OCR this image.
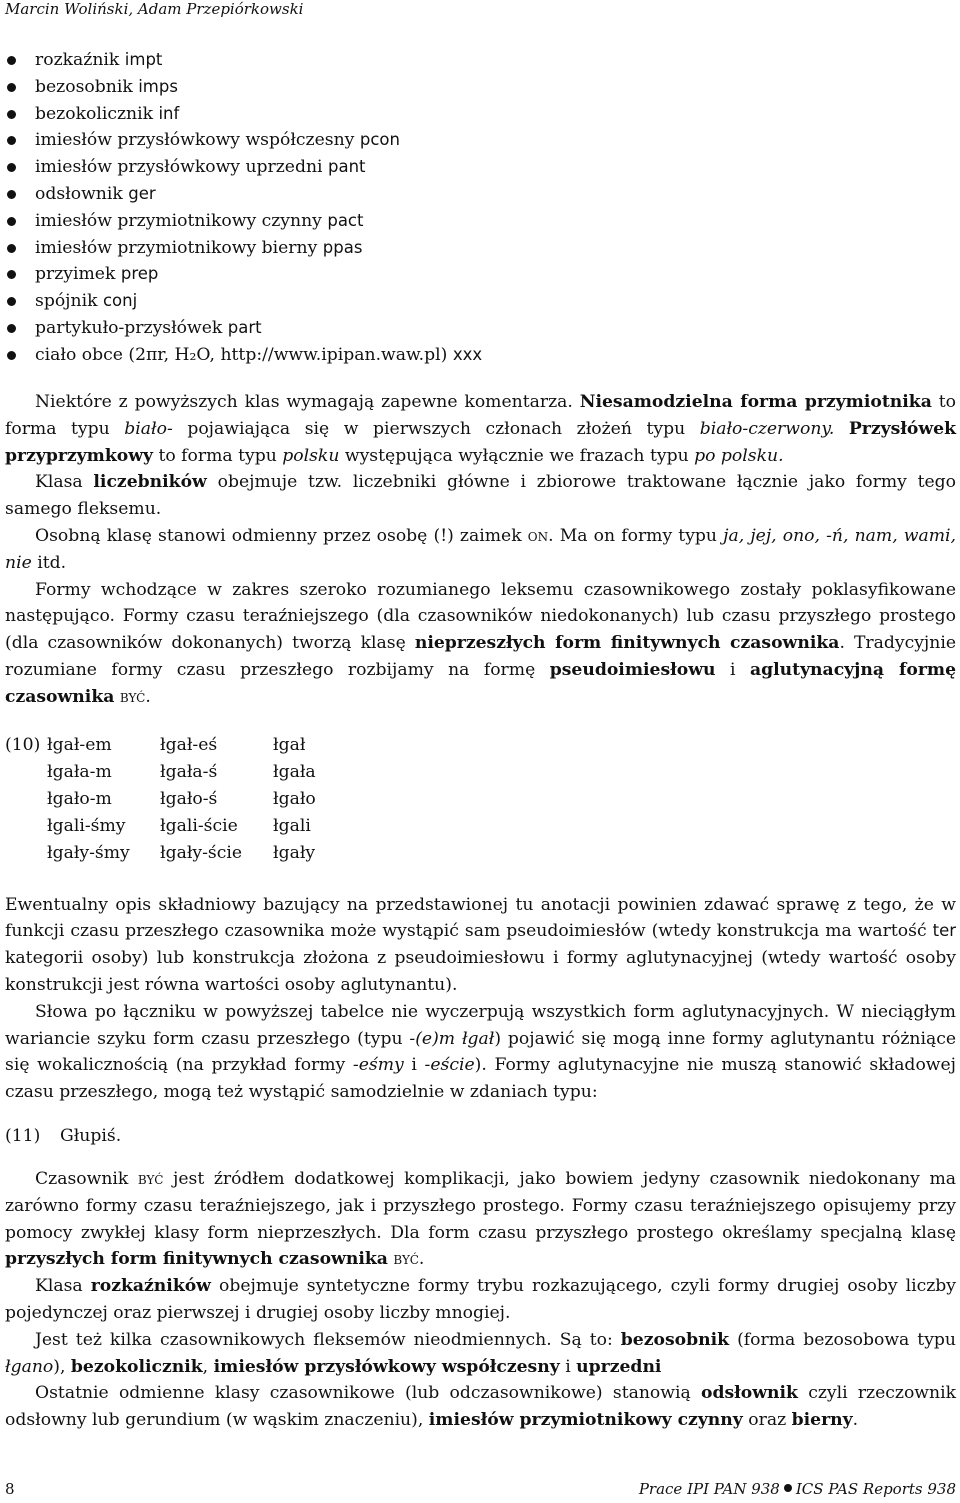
Marcin Woliński, Adam Przepiórkowski
rozkaźnik impt
bezosobnik imps
bezokolicznik inf
imiesłów przysłówkowy współczesny pcon
imiesłów przysłówkowy uprzedni pant
odsłownik ger
imiesłów przymiotnikowy czynny pact
imiesłów przymiotnikowy bierny ppas
przyimek prep
spójnik conj
partykuło-przysłówek part
ciało obce (2πr, H₂O, http://www.ipipan.waw.pl) xxx

Niektóre z powyższych klas wymagają zapewne komentarza. Niesamodzielna forma przymiotnika to forma typu biało- pojawiająca się w pierwszych członach złożeń typu biało-czerwony. Przysłówek przyprzymkowy to forma typu polsku występująca wyłącznie we frazach typu po polsku.

Klasa liczebników obejmuje tzw. liczebniki główne i zbiorowe traktowane łącznie jako formy tego samego fleksemu.

Osobną klasę stanowi odmienny przez osobę (!) zaimek on. Ma on formy typu ja, jej, ono, -ń, nam, wami, nie itd.

Formy wchodzące w zakres szeroko rozumianego leksemu czasownikowego zostały poklasyfikowane następująco. Formy czasu teraźniejszego (dla czasowników niedokonanych) lub czasu przyszłego prostego (dla czasowników dokonanych) tworzą klasę nieprzeszłych form finitywnych czasownika. Tradycyjnie rozumiane formy czasu przeszłego rozbijamy na formę pseudoimiesłowu i aglutynacyjną formę czasownika być.

(10)	łgał-em	łgał-eś	łgał
	łgała-m	łgała-ś	łgała
	łgało-m	łgało-ś	łgało
	łgali-śmy	łgali-ście	łgali
	łgały-śmy	łgały-ście	łgały

Ewentualny opis składniowy bazujący na przedstawionej tu anotacji powinien zdawać sprawę z tego, że w funkcji czasu przeszłego czasownika może wystąpić sam pseudoimiesłów (wtedy konstrukcja ma wartość ter kategorii osoby) lub konstrukcja złożona z pseudoimiesłowu i formy aglutynacyjnej (wtedy wartość osoby konstrukcji jest równa wartości osoby aglutynantu).

Słowa po łączniku w powyższej tabelce nie wyczerpują wszystkich form aglutynacyjnych. W nieciągłym wariancie szyku form czasu przeszłego (typu -(e)m łgał) pojawić się mogą inne formy aglutynantu różniące się wokalicznością (na przykład formy -eśmy i -eście). Formy aglutynacyjne nie muszą stanowić składowej czasu przeszłego, mogą też wystąpić samodzielnie w zdaniach typu:

(11) Głupiś.

Czasownik być jest źródłem dodatkowej komplikacji, jako bowiem jedyny czasownik niedokonany ma zarówno formy czasu teraźniejszego, jak i przyszłego prostego. Formy czasu teraźniejszego opisujemy przy pomocy zwykłej klasy form nieprzeszłych. Dla form czasu przyszłego prostego określamy specjalną klasę przyszłych form finitywnych czasownika być.

Klasa rozkaźników obejmuje syntetyczne formy trybu rozkazującego, czyli formy drugiej osoby liczby pojedynczej oraz pierwszej i drugiej osoby liczby mnogiej.

Jest też kilka czasownikowych fleksemów nieodmiennych. Są to: bezosobnik (forma bezosobowa typu łgano), bezokolicznik, imiesłów przysłówkowy współczesny i uprzedni

Ostatnie odmienne klasy czasownikowe (lub odczasownikowe) stanowią odsłownik czyli rzeczownik odsłowny lub gerundium (w wąskim znaczeniu), imiesłów przymiotnikowy czynny oraz bierny.

8	Prace IPI PAN 938 ICS PAS Reports 938
